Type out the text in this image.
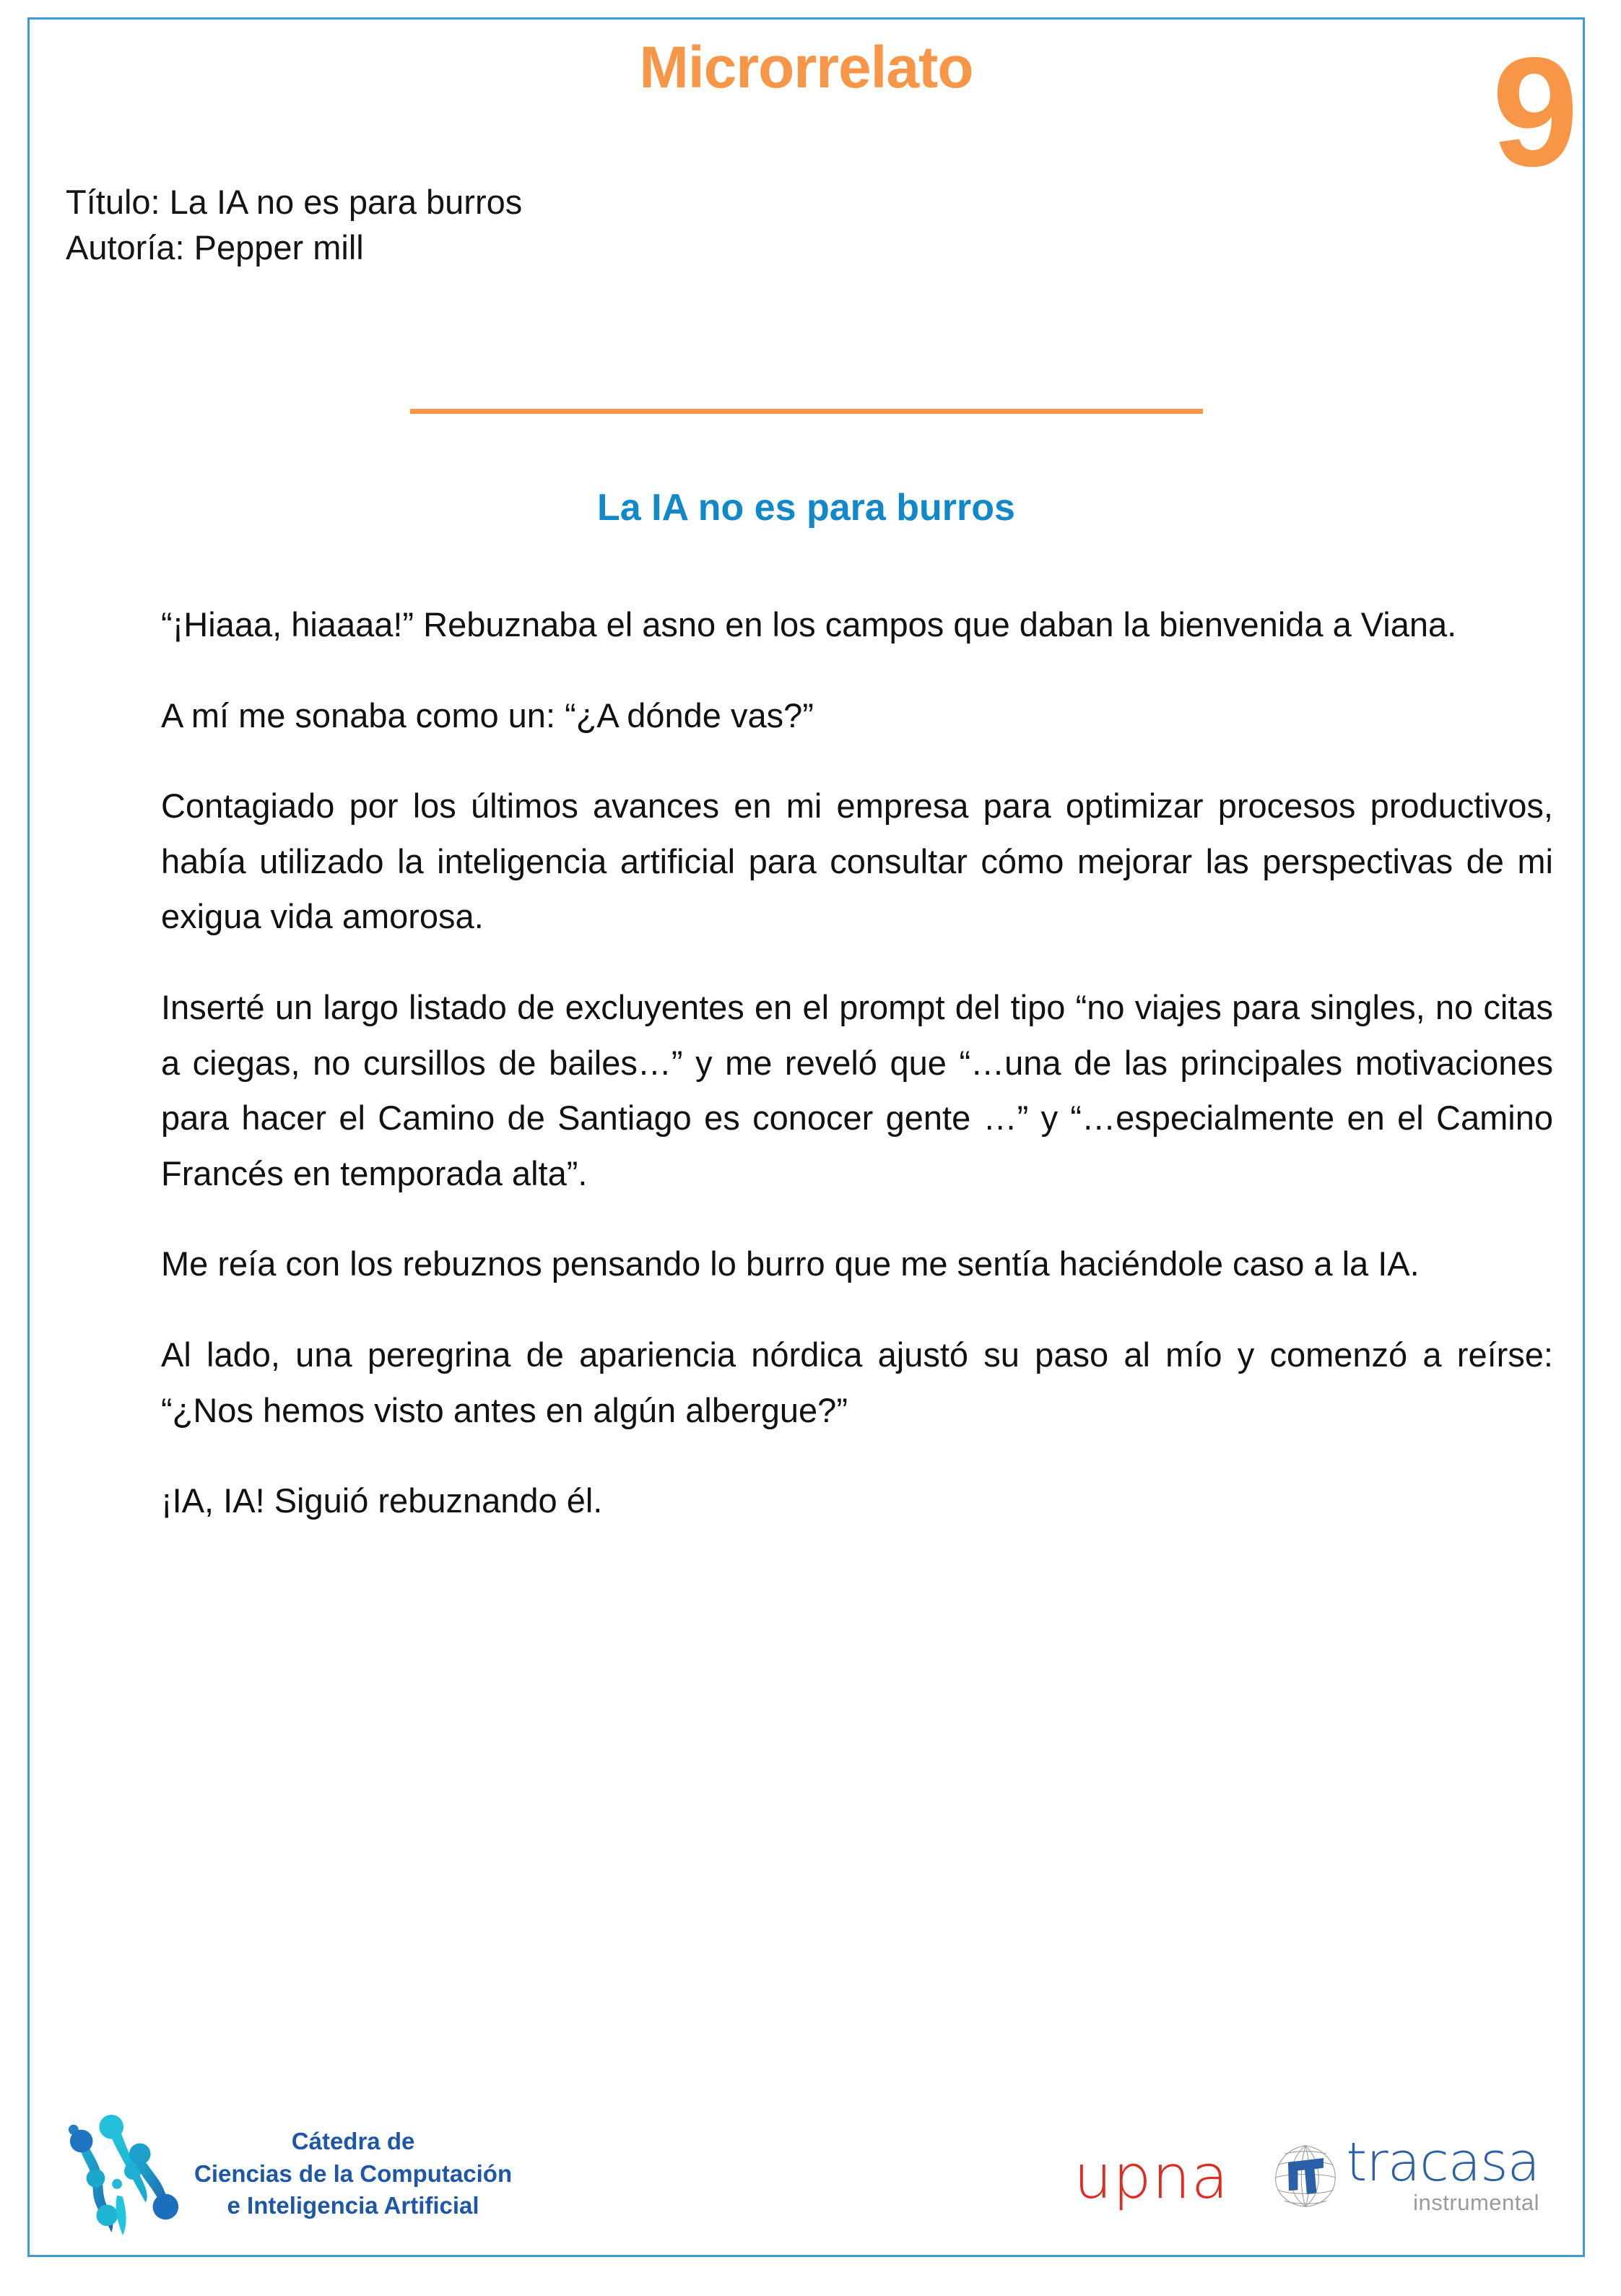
Microrrelato	9
Título: La IA no es para burros
Autoría: Pepper mill
La IA no es para burros

“¡Hiaaa, hiaaaa!” Rebuznaba el asno en los campos que daban la bienvenida a Viana.

A mí me sonaba como un: “¿A dónde vas?”

Contagiado por los últimos avances en mi empresa para optimizar procesos productivos, había utilizado la inteligencia artificial para consultar cómo mejorar las perspectivas de mi exigua vida amorosa.

Inserté un largo listado de excluyentes en el prompt del tipo “no viajes para singles, no citas a ciegas, no cursillos de bailes…” y me reveló que “…una de las principales motivaciones para hacer el Camino de Santiago es conocer gente …” y “…especialmente en el Camino Francés en temporada alta”.

Me reía con los rebuznos pensando lo burro que me sentía haciéndole caso a la IA.

Al lado, una peregrina de apariencia nórdica ajustó su paso al mío y comenzó a reírse: “¿Nos hemos visto antes en algún albergue?”

¡IA, IA! Siguió rebuznando él.

Cátedra de
Ciencias de la Computación
e Inteligencia Artificial	upna tracasa
instrumental
